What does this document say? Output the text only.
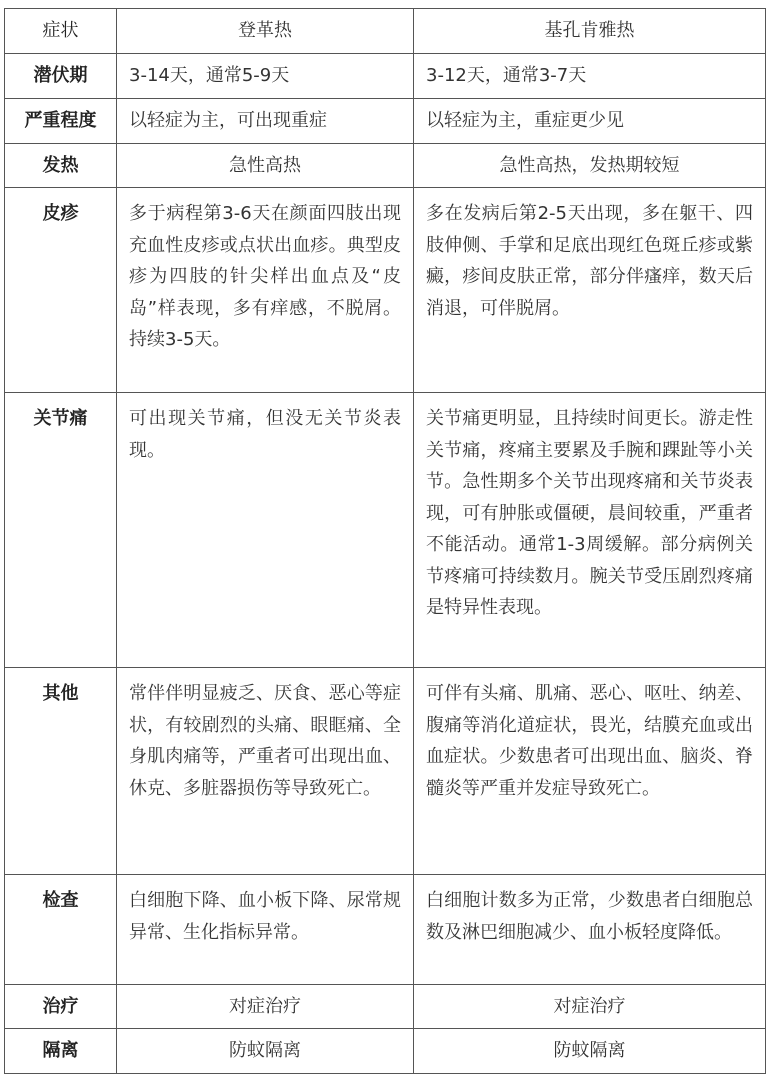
症状	登革热	基孔肯雅热
潜伏期	3-14天，通常5-9天	3-12天，通常3-7天
严重程度	以轻症为主，可出现重症	以轻症为主，重症更少见
发热	急性高热	急性高热，发热期较短
皮疹	多于病程第3-6天在颜面四肢出现充血性皮疹或点状出血疹。典型皮疹为四肢的针尖样出血点及“皮岛”样表现，多有痒感，不脱屑。持续3-5天。	多在发病后第2-5天出现，多在躯干、四肢伸侧、手掌和足底出现红色斑丘疹或紫癜，疹间皮肤正常，部分伴瘙痒，数天后消退，可伴脱屑。
关节痛	可出现关节痛，但没无关节炎表现。	关节痛更明显，且持续时间更长。游走性关节痛，疼痛主要累及手腕和踝趾等小关节。急性期多个关节出现疼痛和关节炎表现，可有肿胀或僵硬，晨间较重，严重者不能活动。通常1-3周缓解。部分病例关节疼痛可持续数月。腕关节受压剧烈疼痛是特异性表现。
其他	常伴伴明显疲乏、厌食、恶心等症状，有较剧烈的头痛、眼眶痛、全身肌肉痛等，严重者可出现出血、休克、多脏器损伤等导致死亡。	可伴有头痛、肌痛、恶心、呕吐、纳差、腹痛等消化道症状，畏光，结膜充血或出血症状。少数患者可出现出血、脑炎、脊髓炎等严重并发症导致死亡。
检查	白细胞下降、血小板下降、尿常规异常、生化指标异常。	白细胞计数多为正常，少数患者白细胞总数及淋巴细胞减少、血小板轻度降低。
治疗	对症治疗	对症治疗
隔离	防蚊隔离	防蚊隔离
